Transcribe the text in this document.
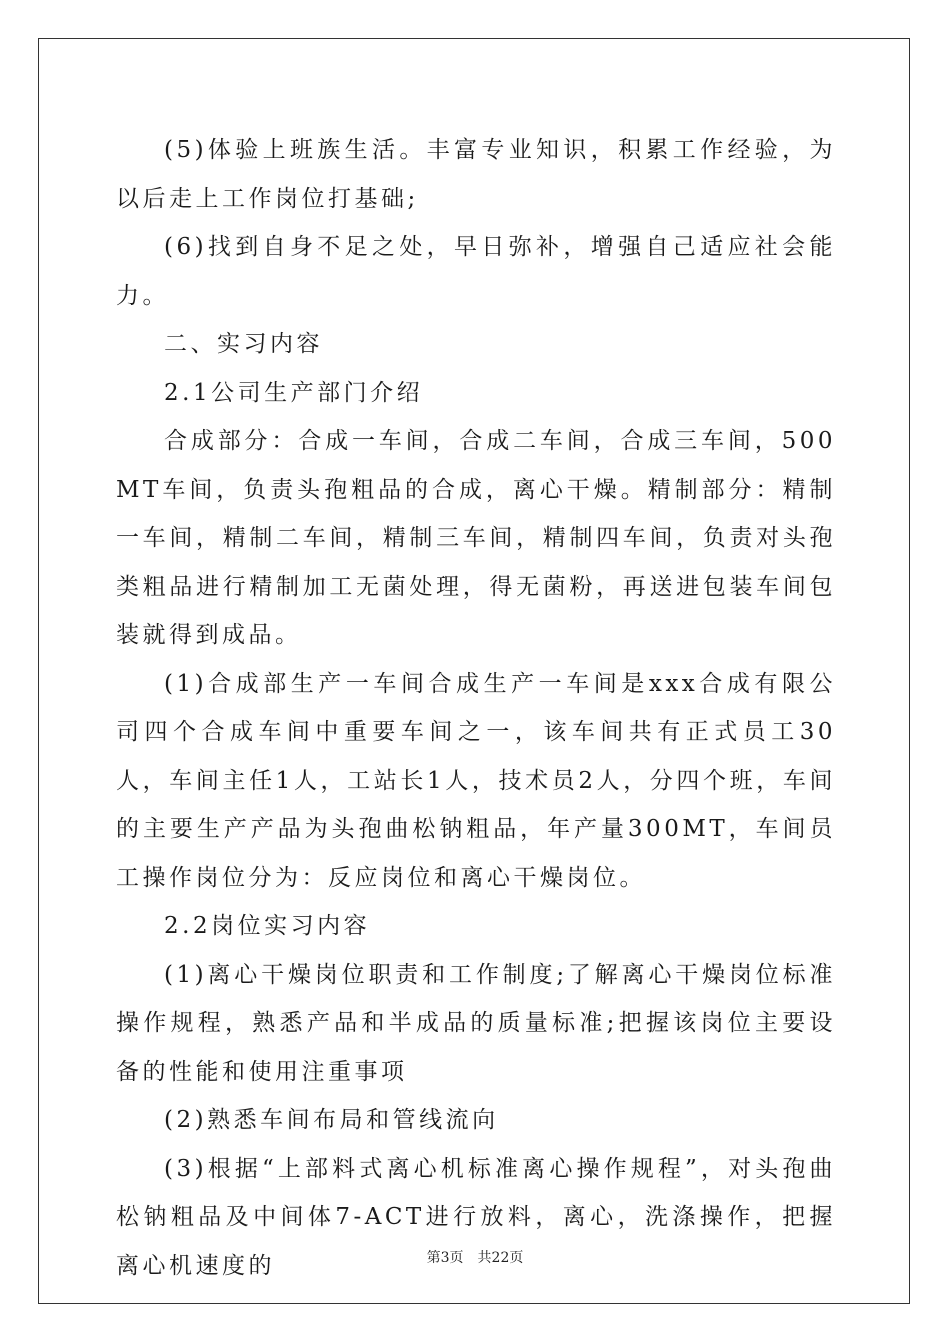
(5)体验上班族生活。丰富专业知识，积累工作经验，为以后走上工作岗位打基础;

(6)找到自身不足之处，早日弥补，增强自己适应社会能力。

二、实习内容

2.1公司生产部门介绍

合成部分：合成一车间，合成二车间，合成三车间，500MT车间，负责头孢粗品的合成，离心干燥。精制部分：精制一车间，精制二车间，精制三车间，精制四车间，负责对头孢类粗品进行精制加工无菌处理，得无菌粉，再送进包装车间包装就得到成品。

(1)合成部生产一车间合成生产一车间是xxx合成有限公司四个合成车间中重要车间之一，该车间共有正式员工30人，车间主任1人，工站长1人，技术员2人，分四个班，车间的主要生产产品为头孢曲松钠粗品，年产量300MT，车间员工操作岗位分为：反应岗位和离心干燥岗位。

2.2岗位实习内容

(1)离心干燥岗位职责和工作制度;了解离心干燥岗位标准操作规程，熟悉产品和半成品的质量标准;把握该岗位主要设备的性能和使用注重事项

(2)熟悉车间布局和管线流向

(3)根据“上部料式离心机标准离心操作规程”，对头孢曲松钠粗品及中间体7-ACT进行放料，离心，洗涤操作，把握离心机速度的	第3页  共22页
